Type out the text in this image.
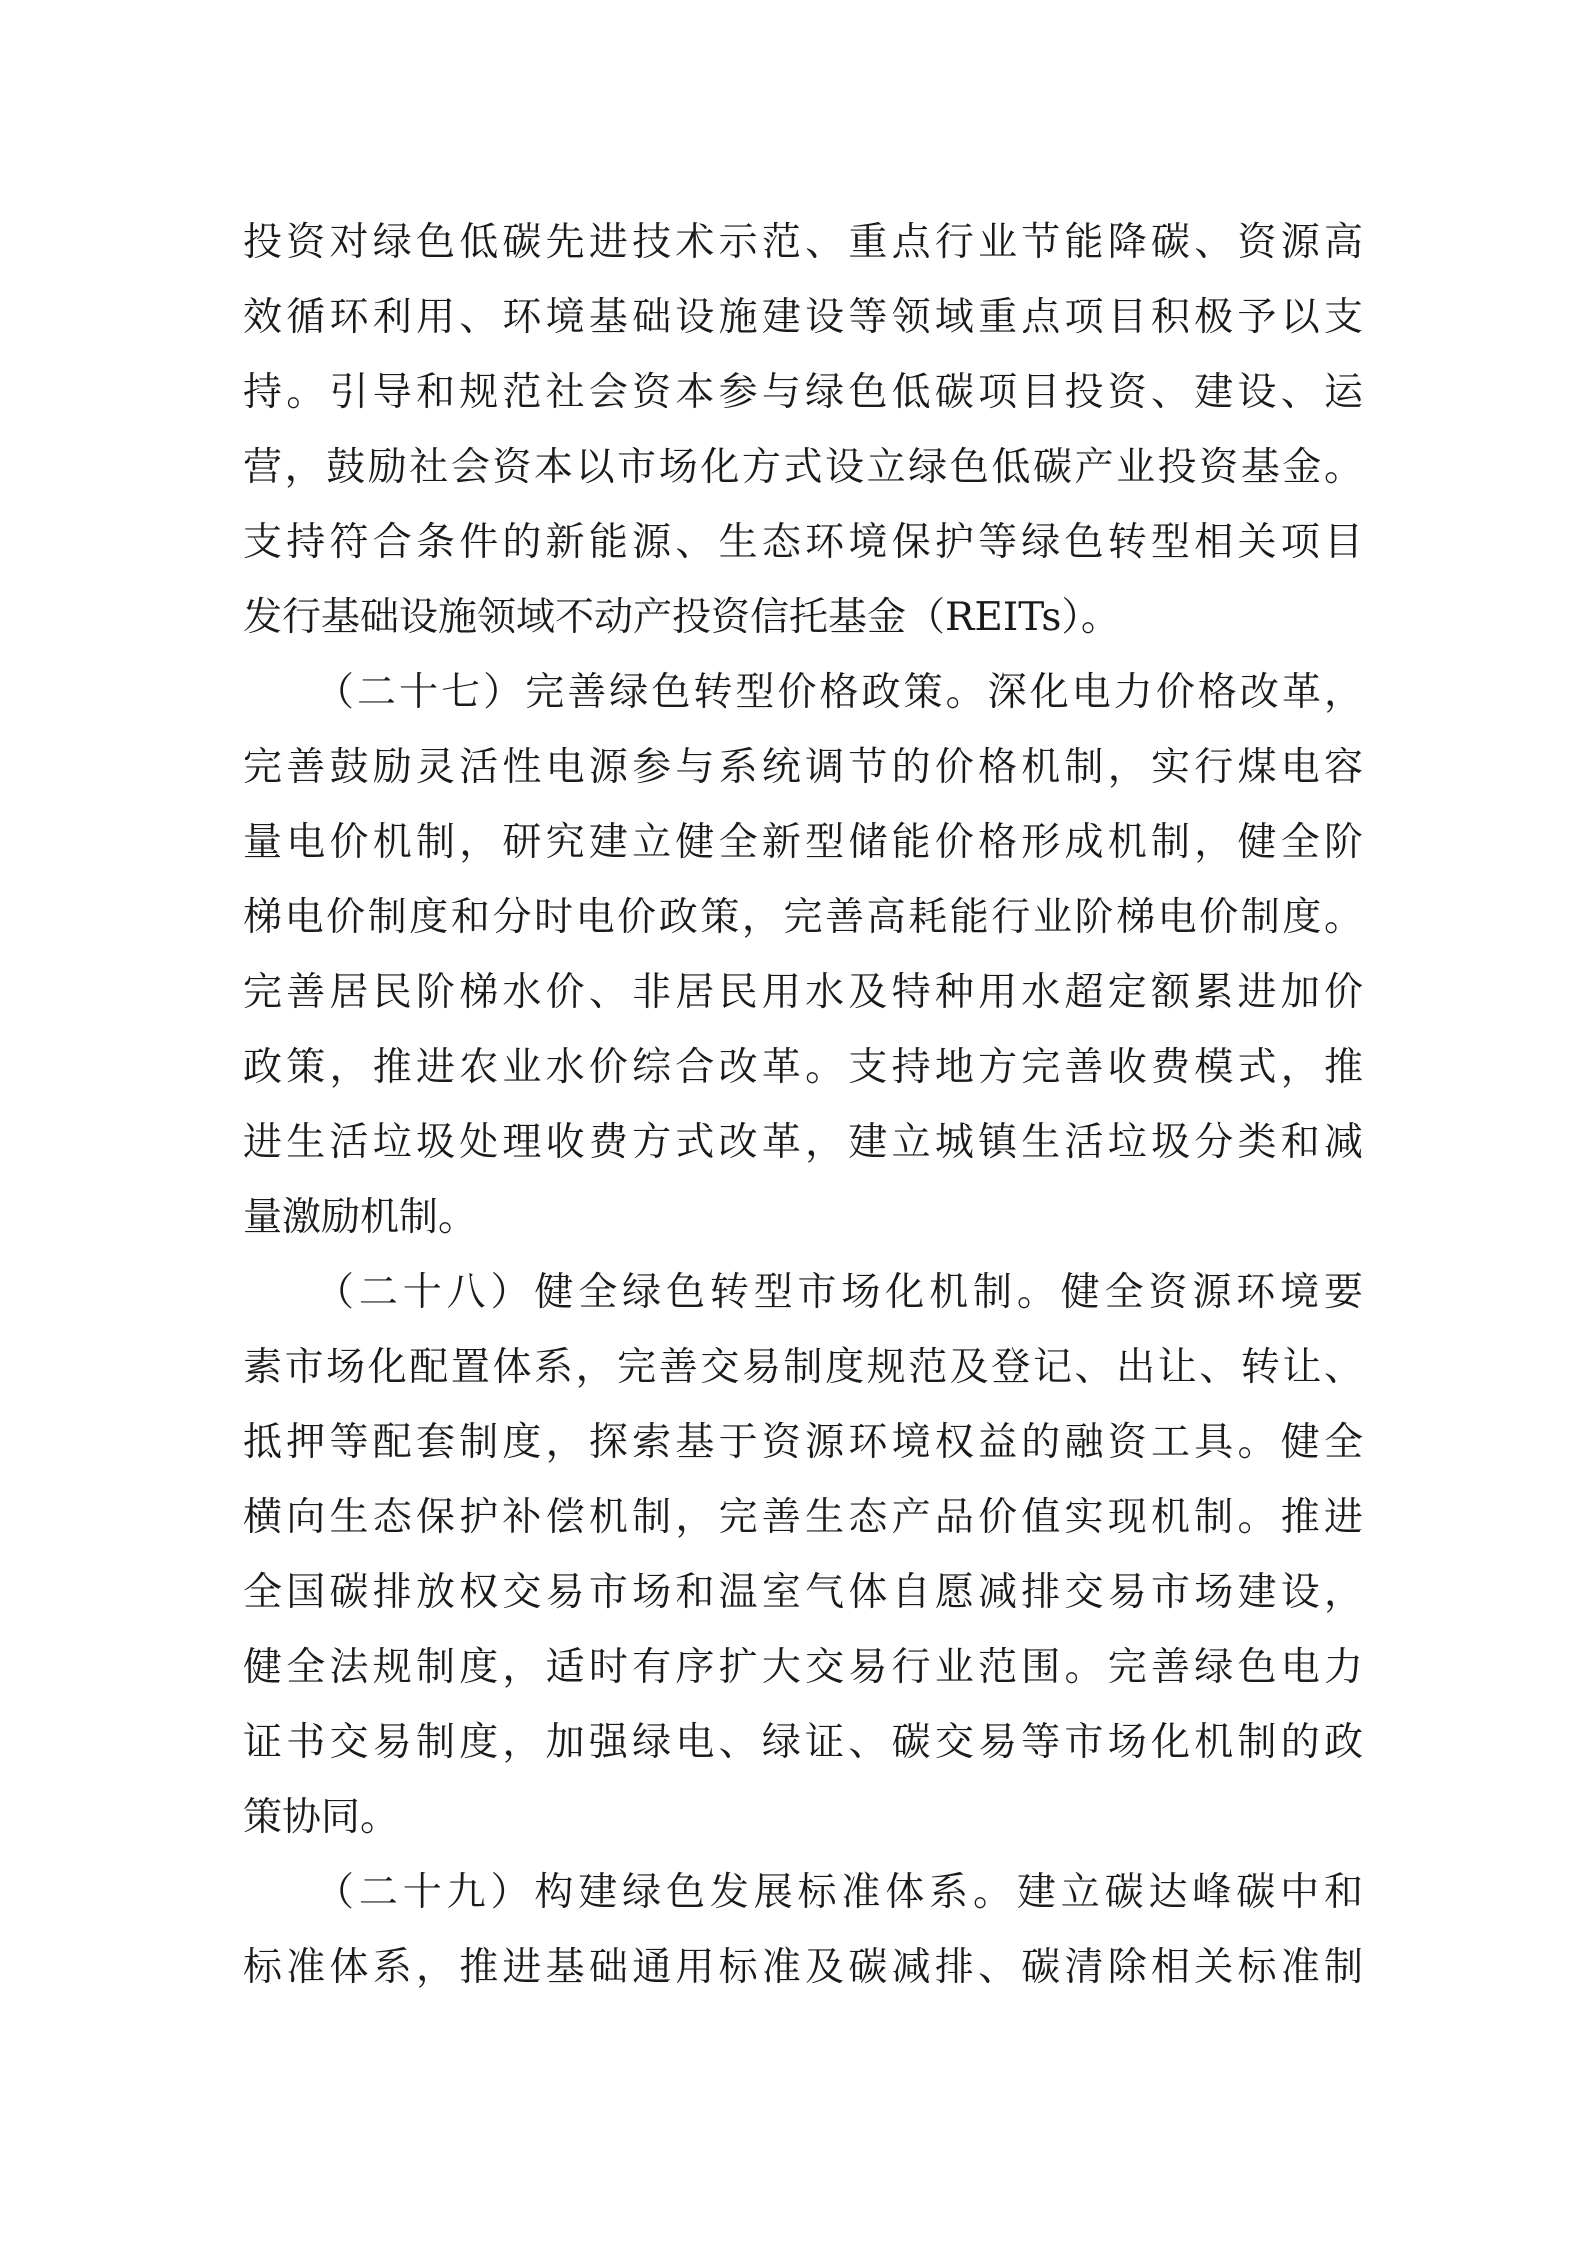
投资对绿色低碳先进技术示范、重点行业节能降碳、资源高
效循环利用、环境基础设施建设等领域重点项目积极予以支
持。引导和规范社会资本参与绿色低碳项目投资、建设、运
营，鼓励社会资本以市场化方式设立绿色低碳产业投资基金。
支持符合条件的新能源、生态环境保护等绿色转型相关项目
发行基础设施领域不动产投资信托基金（REITs）。
（二十七）完善绿色转型价格政策。深化电力价格改革，
完善鼓励灵活性电源参与系统调节的价格机制，实行煤电容
量电价机制，研究建立健全新型储能价格形成机制，健全阶
梯电价制度和分时电价政策，完善高耗能行业阶梯电价制度。
完善居民阶梯水价、非居民用水及特种用水超定额累进加价
政策，推进农业水价综合改革。支持地方完善收费模式，推
进生活垃圾处理收费方式改革，建立城镇生活垃圾分类和减
量激励机制。
（二十八）健全绿色转型市场化机制。健全资源环境要
素市场化配置体系，完善交易制度规范及登记、出让、转让、
抵押等配套制度，探索基于资源环境权益的融资工具。健全
横向生态保护补偿机制，完善生态产品价值实现机制。推进
全国碳排放权交易市场和温室气体自愿减排交易市场建设，
健全法规制度，适时有序扩大交易行业范围。完善绿色电力
证书交易制度，加强绿电、绿证、碳交易等市场化机制的政
策协同。
（二十九）构建绿色发展标准体系。建立碳达峰碳中和
标准体系，推进基础通用标准及碳减排、碳清除相关标准制
